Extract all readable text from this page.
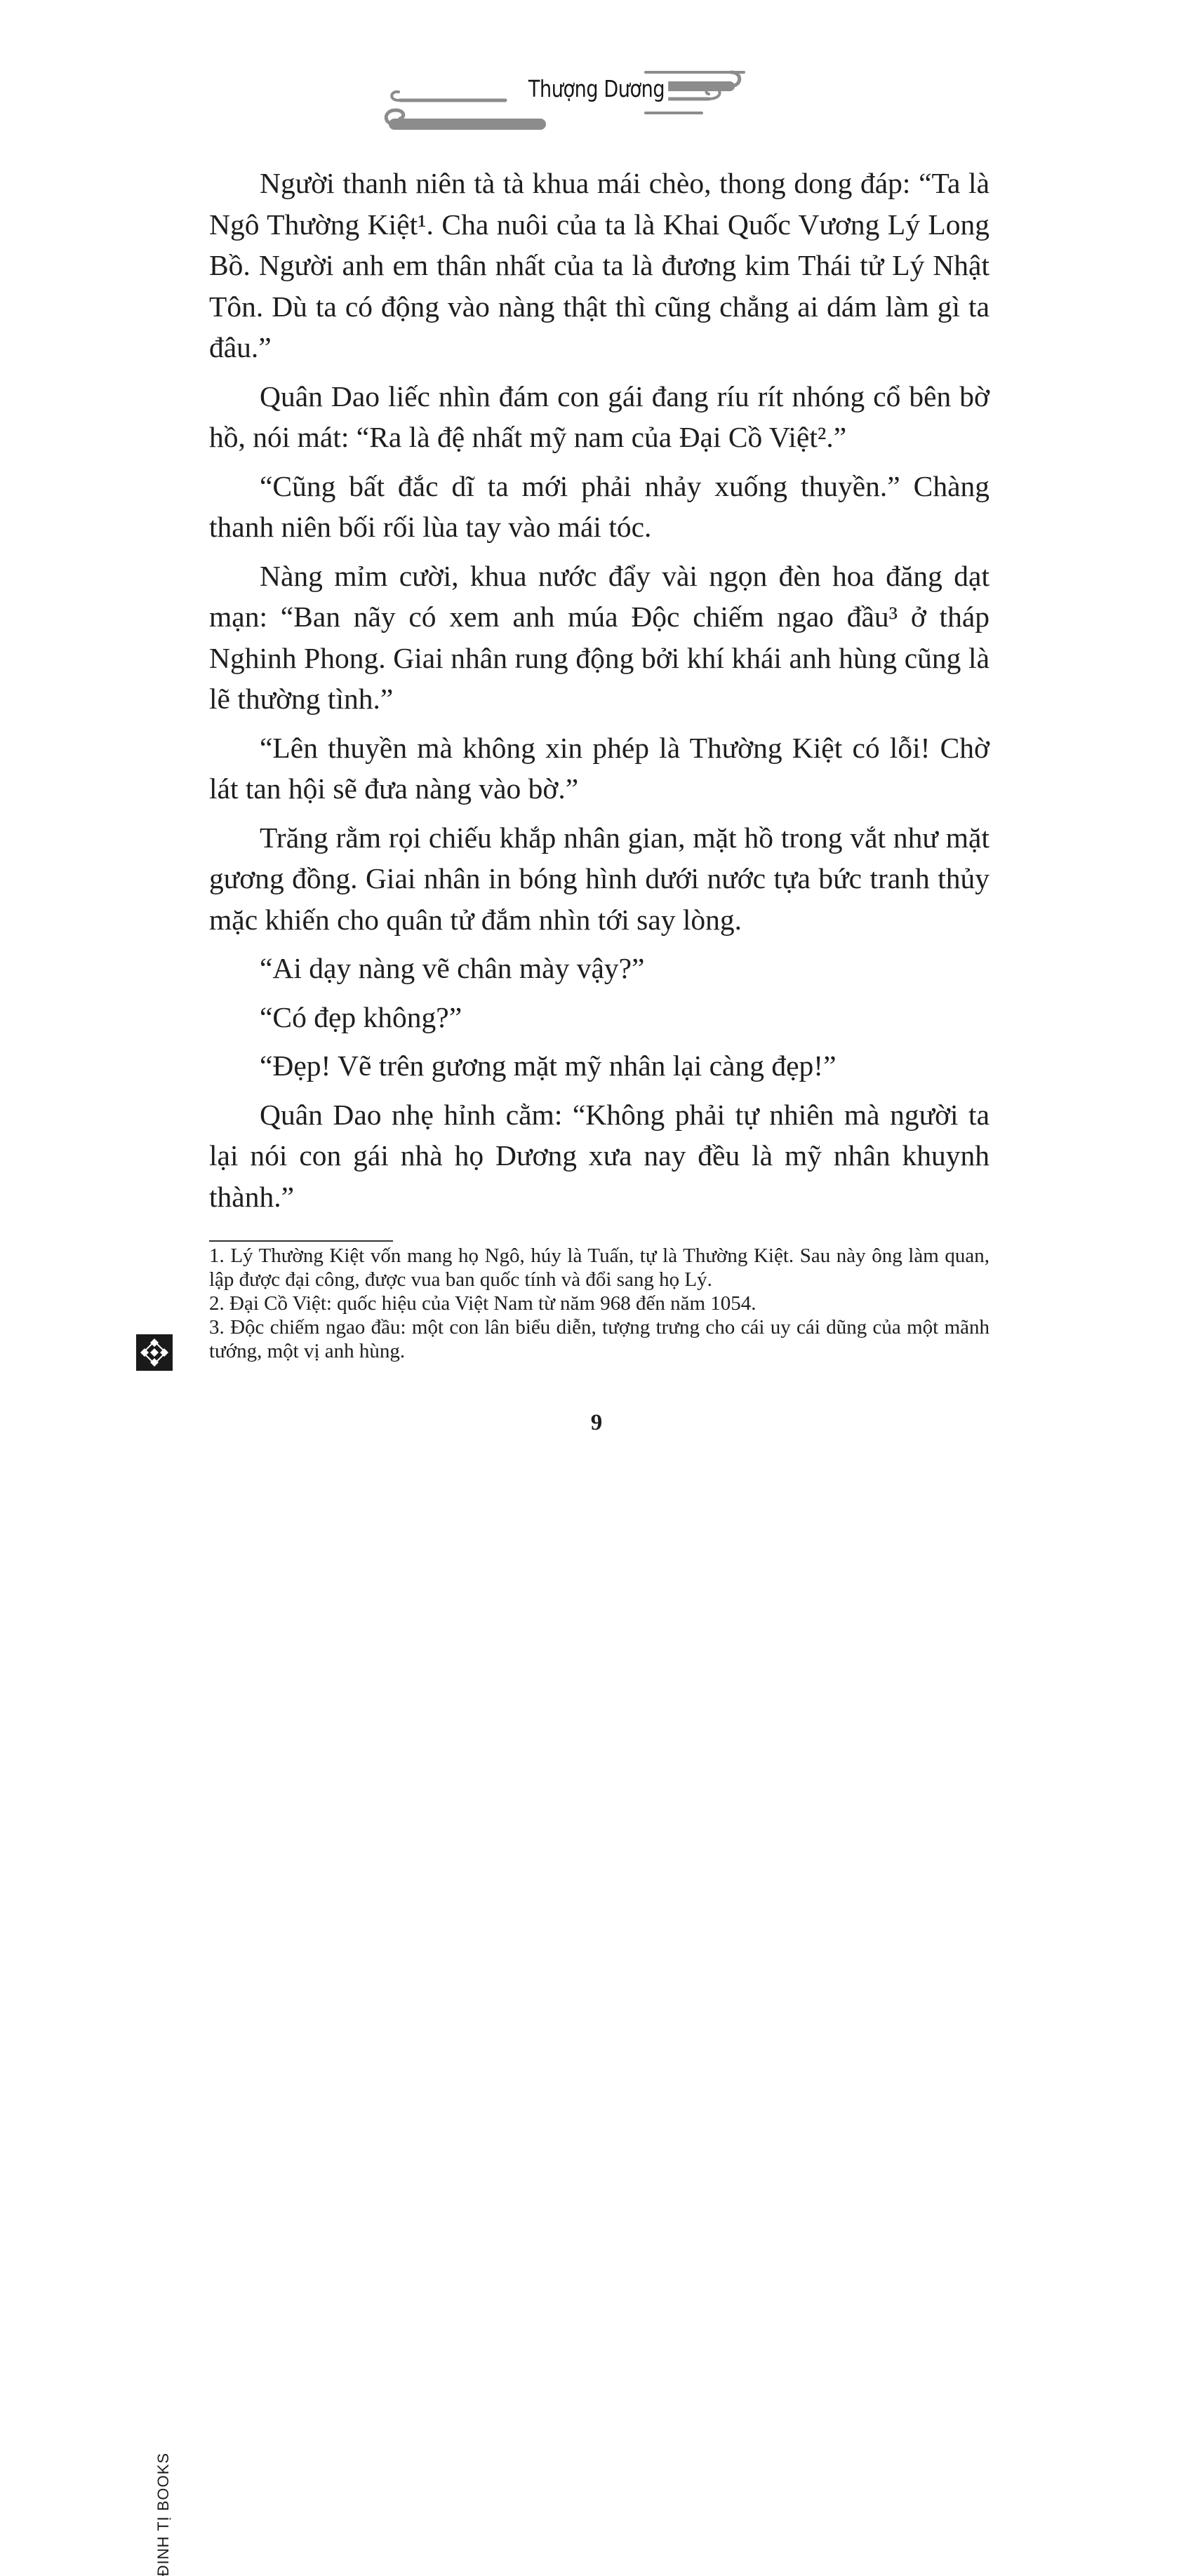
Thượng Dương

Người thanh niên tà tà khua mái chèo, thong dong đáp: “Ta là Ngô Thường Kiệt¹. Cha nuôi của ta là Khai Quốc Vương Lý Long Bồ. Người anh em thân nhất của ta là đương kim Thái tử Lý Nhật Tôn. Dù ta có động vào nàng thật thì cũng chẳng ai dám làm gì ta đâu.”

Quân Dao liếc nhìn đám con gái đang ríu rít nhóng cổ bên bờ hồ, nói mát: “Ra là đệ nhất mỹ nam của Đại Cồ Việt².”

“Cũng bất đắc dĩ ta mới phải nhảy xuống thuyền.” Chàng thanh niên bối rối lùa tay vào mái tóc.

Nàng mỉm cười, khua nước đẩy vài ngọn đèn hoa đăng dạt mạn: “Ban nãy có xem anh múa Độc chiếm ngao đầu³ ở tháp Nghinh Phong. Giai nhân rung động bởi khí khái anh hùng cũng là lẽ thường tình.”

“Lên thuyền mà không xin phép là Thường Kiệt có lỗi! Chờ lát tan hội sẽ đưa nàng vào bờ.”

Trăng rằm rọi chiếu khắp nhân gian, mặt hồ trong vắt như mặt gương đồng. Giai nhân in bóng hình dưới nước tựa bức tranh thủy mặc khiến cho quân tử đắm nhìn tới say lòng.

“Ai dạy nàng vẽ chân mày vậy?”

“Có đẹp không?”

“Đẹp! Vẽ trên gương mặt mỹ nhân lại càng đẹp!”

Quân Dao nhẹ hỉnh cằm: “Không phải tự nhiên mà người ta lại nói con gái nhà họ Dương xưa nay đều là mỹ nhân khuynh thành.”

1. Lý Thường Kiệt vốn mang họ Ngô, húy là Tuấn, tự là Thường Kiệt. Sau này ông làm quan, lập được đại công, được vua ban quốc tính và đổi sang họ Lý.

2. Đại Cồ Việt: quốc hiệu của Việt Nam từ năm 968 đến năm 1054.

3. Độc chiếm ngao đầu: một con lân biểu diễn, tượng trưng cho cái uy cái dũng của một mãnh tướng, một vị anh hùng.

ĐINH TỊ BOOKS
9
